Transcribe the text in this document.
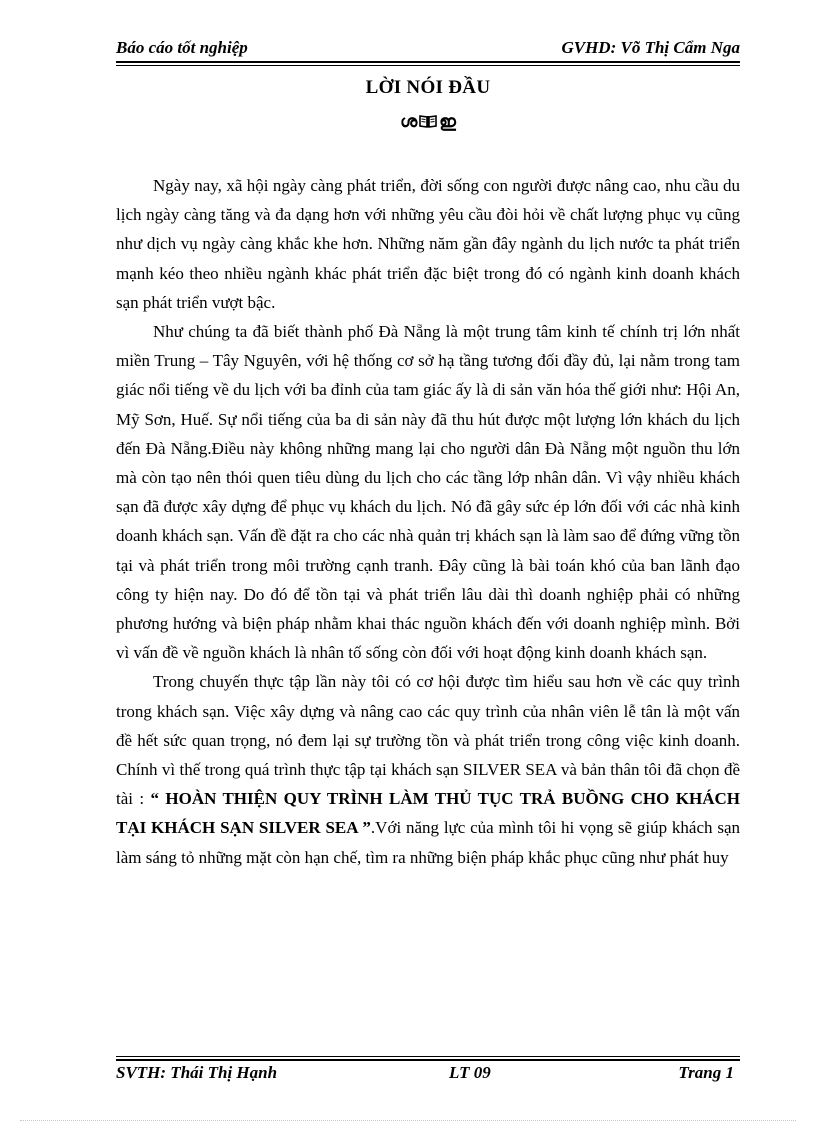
Báo cáo tốt nghiệp	GVHD: Võ Thị Cẩm Nga
LỜI NÓI ĐẦU
ശ ഇ

Ngày nay, xã hội ngày càng phát triển, đời sống con người được nâng cao, nhu cầu du lịch ngày càng tăng và đa dạng hơn với những yêu cầu đòi hỏi về chất lượng phục vụ cũng như dịch vụ ngày càng khắc khe hơn. Những năm gần đây ngành du lịch nước ta phát triển mạnh kéo theo nhiều ngành khác phát triển đặc biệt trong đó có ngành kinh doanh khách sạn phát triển vượt bậc.

Như chúng ta đã biết thành phố Đà Nẵng là một trung tâm kinh tế chính trị lớn nhất miền Trung – Tây Nguyên, với hệ thống cơ sở hạ tầng tương đối đầy đủ, lại nằm trong tam giác nổi tiếng về du lịch với ba đỉnh của tam giác ấy là di sản văn hóa thế giới như: Hội An, Mỹ Sơn, Huế. Sự nổi tiếng của ba di sản này đã thu hút được một lượng lớn khách du lịch đến Đà Nẵng.Điều này không những mang lại cho người dân Đà Nẵng một nguồn thu lớn mà còn tạo nên thói quen tiêu dùng du lịch cho các tầng lớp nhân dân. Vì vậy nhiều khách sạn đã được xây dựng để phục vụ khách du lịch. Nó đã gây sức ép lớn đối với các nhà kinh doanh khách sạn. Vấn đề đặt ra cho các nhà quản trị khách sạn là làm sao để đứng vững tồn tại và phát triển trong môi trường cạnh tranh. Đây cũng là bài toán khó của ban lãnh đạo công ty hiện nay. Do đó để tồn tại và phát triển lâu dài thì doanh nghiệp phải có những phương hướng và biện pháp nhằm khai thác nguồn khách đến với doanh nghiệp mình. Bởi vì vấn đề về nguồn khách là nhân tố sống còn đối với hoạt động kinh doanh khách sạn.

Trong chuyến thực tập lần này tôi có cơ hội được tìm hiểu sau hơn về các quy trình trong khách sạn. Việc xây dựng và nâng cao các quy trình của nhân viên lễ tân là một vấn đề hết sức quan trọng, nó đem lại sự trường tồn và phát triển trong công việc kinh doanh. Chính vì thế trong quá trình thực tập tại khách sạn SILVER SEA và bản thân tôi đã chọn đề tài : “ HOÀN THIỆN QUY TRÌNH LÀM THỦ TỤC TRẢ BUỒNG CHO KHÁCH TẠI KHÁCH SẠN SILVER SEA ”.Với năng lực của mình tôi hi vọng sẽ giúp khách sạn làm sáng tỏ những mặt còn hạn chế, tìm ra những biện pháp khắc phục cũng như phát huy

SVTH: Thái Thị Hạnh	LT 09	Trang 1
